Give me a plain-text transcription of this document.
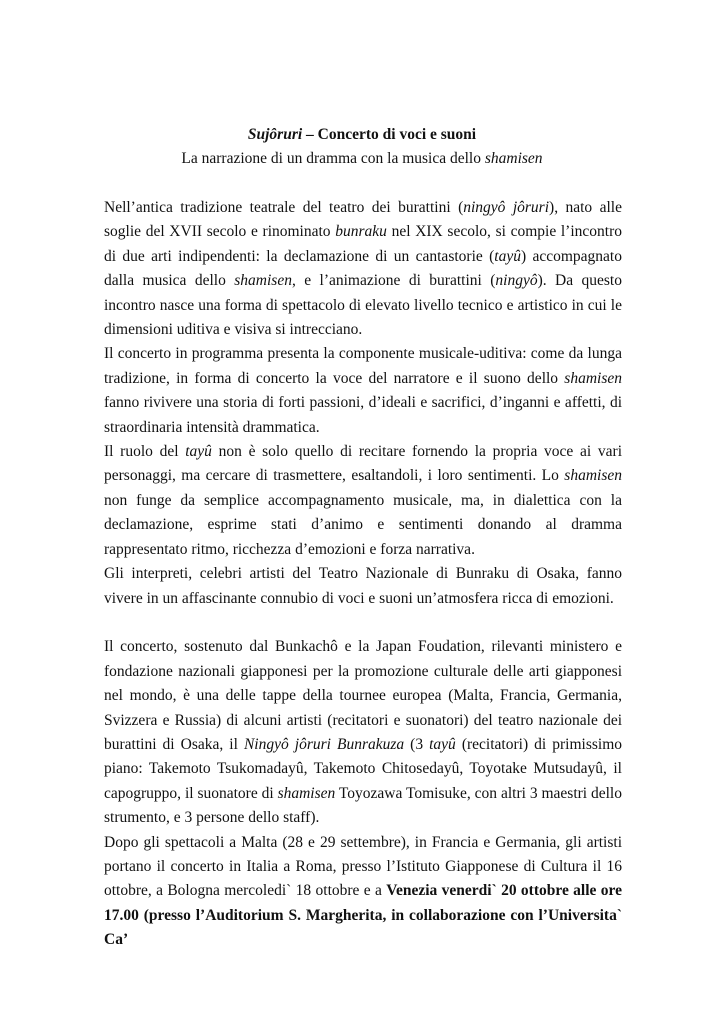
Sujôruri – Concerto di voci e suoni
La narrazione di un dramma con la musica dello shamisen

Nell’antica tradizione teatrale del teatro dei burattini (ningyô jôruri), nato alle soglie del XVII secolo e rinominato bunraku nel XIX secolo, si compie l’incontro di due arti indipendenti: la declamazione di un cantastorie (tayû) accompagnato dalla musica dello shamisen, e l’animazione di burattini (ningyô). Da questo incontro nasce una forma di spettacolo di elevato livello tecnico e artistico in cui le dimensioni uditiva e visiva si intrecciano.

Il concerto in programma presenta la componente musicale-uditiva: come da lunga tradizione, in forma di concerto la voce del narratore e il suono dello shamisen fanno rivivere una storia di forti passioni, d’ideali e sacrifici, d’inganni e affetti, di straordinaria intensità drammatica.

Il ruolo del tayû non è solo quello di recitare fornendo la propria voce ai vari personaggi, ma cercare di trasmettere, esaltandoli, i loro sentimenti. Lo shamisen non funge da semplice accompagnamento musicale, ma, in dialettica con la declamazione, esprime stati d’animo e sentimenti donando al dramma rappresentato ritmo, ricchezza d’emozioni e forza narrativa.

Gli interpreti, celebri artisti del Teatro Nazionale di Bunraku di Osaka, fanno vivere in un affascinante connubio di voci e suoni un’atmosfera ricca di emozioni.

Il concerto, sostenuto dal Bunkachô e la Japan Foudation, rilevanti ministero e fondazione nazionali giapponesi per la promozione culturale delle arti giapponesi nel mondo, è una delle tappe della tournee europea (Malta, Francia, Germania, Svizzera e Russia) di alcuni artisti (recitatori e suonatori) del teatro nazionale dei burattini di Osaka, il Ningyô jôruri Bunrakuza (3 tayû (recitatori) di primissimo piano: Takemoto Tsukomadayû, Takemoto Chitosedayû, Toyotake Mutsudayû, il capogruppo, il suonatore di shamisen Toyozawa Tomisuke, con altri 3 maestri dello strumento, e 3 persone dello staff).

Dopo gli spettacoli a Malta (28 e 29 settembre), in Francia e Germania, gli artisti portano il concerto in Italia a Roma, presso l’Istituto Giapponese di Cultura il 16 ottobre, a Bologna mercoledi` 18 ottobre e a Venezia venerdi` 20 ottobre alle ore 17.00 (presso l’Auditorium S. Margherita, in collaborazione con l’Universita` Ca’
